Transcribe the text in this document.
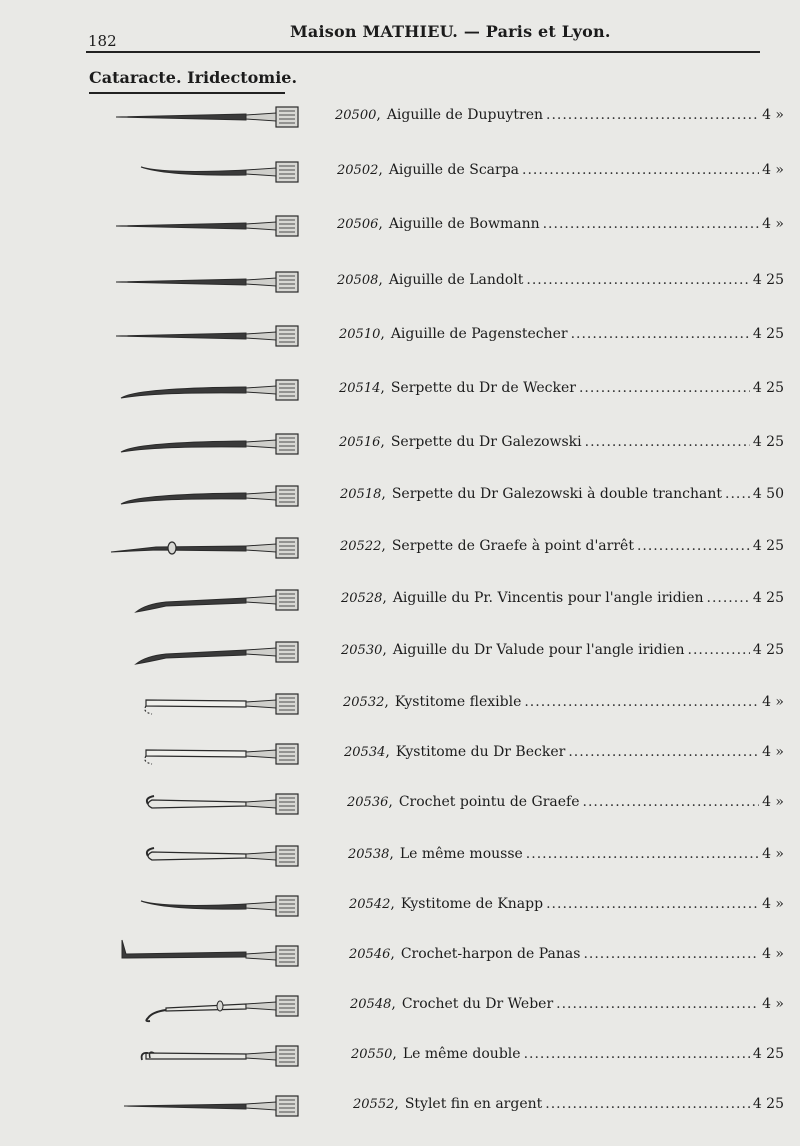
182	Maison MATHIEU. — Paris et Lyon.
Cataracte. Iridectomie.
20500 , Aiguille de Dupuytren .....	4 »
20502 , Aiguille de Scarpa .....	4 »
20506 , Aiguille de Bowmann .....	4 »
20508 , Aiguille de Landolt .....	4 25
20510 , Aiguille de Pagenstecher .....	4 25
20514 , Serpette du Dr de Wecker .....	4 25
20516 , Serpette du Dr Galezowski .....	4 25
20518 , Serpette du Dr Galezowski à double tranchant ..... 4 50
20522 , Serpette de Graefe à point d'arrêt .....	4 25
20528 , Aiguille du Pr. Vincentis pour l'angle iridien .....	4 25
20530 , Aiguille du Dr Valude pour l'angle iridien .....	4 25
20532 , Kystitome flexible .....	4 »
20534 , Kystitome du Dr Becker .....	4 »
20536 , Crochet pointu de Graefe .....	4 »
20538 , Le même mousse .....	4 »
20542 , Kystitome de Knapp .....	4 »
20546 , Crochet-harpon de Panas .....	4 »
20548 , Crochet du Dr Weber .....	4 »
20550 , Le même double .....	4 25
20552 , Stylet fin en argent .....	4 25
